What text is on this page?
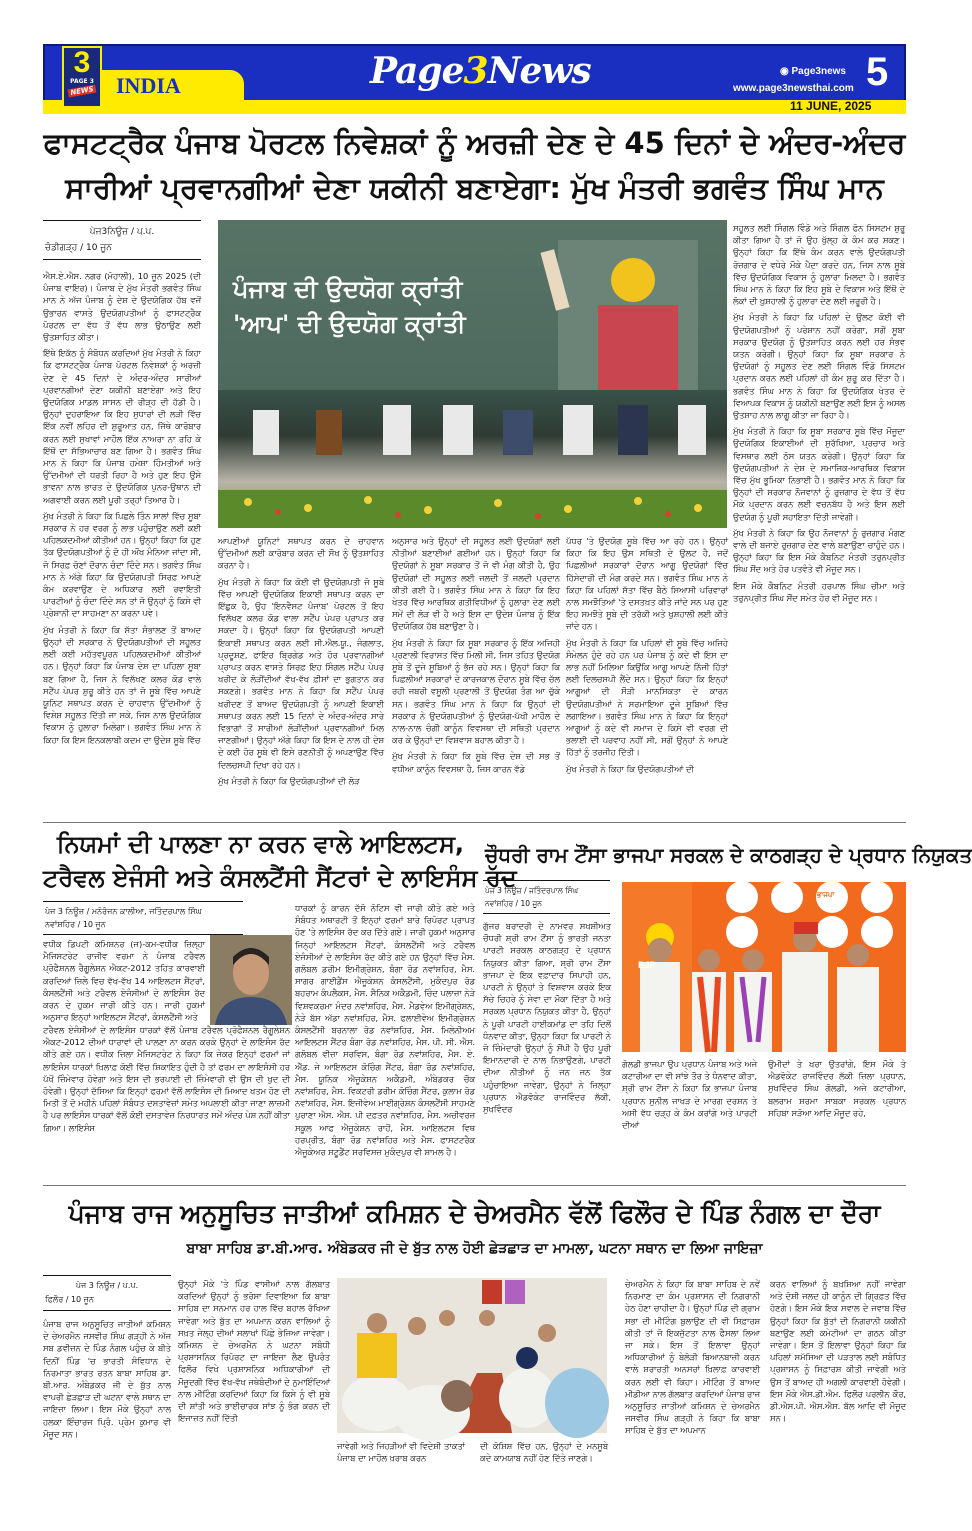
3
PAGE 3
NEWS INDIA	Page3News	◉ Page3news
www.page3newsthai.com 5
11 JUNE, 2025
ਫਾਸਟਟ੍ਰੈਕ ਪੰਜਾਬ ਪੋਰਟਲ ਨਿਵੇਸ਼ਕਾਂ ਨੂੰ ਅਰਜ਼ੀ ਦੇਣ ਦੇ 45 ਦਿਨਾਂ ਦੇ ਅੰਦਰ-ਅੰਦਰ
ਸਾਰੀਆਂ ਪ੍ਰਵਾਨਗੀਆਂ ਦੇਣਾ ਯਕੀਨੀ ਬਣਾਏਗਾ: ਮੁੱਖ ਮੰਤਰੀ ਭਗਵੰਤ ਸਿੰਘ ਮਾਨ
ਪੇਜ3ਨਿਊਜ਼ / ਪ.ਪ.
ਚੰਡੀਗੜ੍ਹ / 10 ਜੂਨ

ਐਸ.ਏ.ਐਸ. ਨਗਰ (ਮੋਹਾਲੀ), 10 ਜੂਨ 2025 (ਦੀ ਪੰਜਾਬ ਵਾਇਰ)। ਪੰਜਾਬ ਦੇ ਮੁੱਖ ਮੰਤਰੀ ਭਗਵੰਤ ਸਿੰਘ ਮਾਨ ਨੇ ਅੱਜ ਪੰਜਾਬ ਨੂੰ ਦੇਸ਼ ਦੇ ਉਦਯੋਗਿਕ ਹੱਬ ਵਜੋਂ ਉਭਾਰਨ ਵਾਸਤੇ ਉਦਯੋਗਪਤੀਆਂ ਨੂੰ ਫਾਸਟਟ੍ਰੈਕ ਪੋਰਟਲ ਦਾ ਵੱਧ ਤੋਂ ਵੱਧ ਲਾਭ ਉਠਾਉਣ ਲਈ ਉਤਸ਼ਾਹਿਤ ਕੀਤਾ।

ਇੱਥੇ ਇਕੱਠ ਨੂੰ ਸੰਬੋਧਨ ਕਰਦਿਆਂ ਮੁੱਖ ਮੰਤਰੀ ਨੇ ਕਿਹਾ ਕਿ ਫਾਸਟਟ੍ਰੈਕ ਪੰਜਾਬ ਪੋਰਟਲ ਨਿਵੇਸ਼ਕਾਂ ਨੂੰ ਅਰਜ਼ੀ ਦੇਣ ਦੇ 45 ਦਿਨਾਂ ਦੇ ਅੰਦਰ-ਅੰਦਰ ਸਾਰੀਆਂ ਪ੍ਰਵਾਨਗੀਆਂ ਦੇਣਾ ਯਕੀਨੀ ਬਣਾਏਗਾ ਅਤੇ ਇਹ ਉਦਯੋਗਿਕ ਮਾਡਲ ਸ਼ਾਸਨ ਦੀ ਰੀੜ੍ਹ ਦੀ ਹੱਡੀ ਹੈ। ਉਨ੍ਹਾਂ ਦੁਹਰਾਇਆ ਕਿ ਇਹ ਸੁਧਾਰਾਂ ਦੀ ਲੜੀ ਵਿੱਚ ਇੱਕ ਨਵੀਂ ਲਹਿਰ ਦੀ ਸ਼ੁਰੂਆਤ ਹਨ, ਜਿੱਥੇ ਕਾਰੋਬਾਰ ਕਰਨ ਲਈ ਸੁਖਾਵਾਂ ਮਾਹੌਲ ਇੱਕ ਨਾਅਰਾ ਨਾ ਰਹਿ ਕੇ ਇੱਥੋਂ ਦਾ ਸੱਭਿਆਚਾਰ ਬਣ ਗਿਆ ਹੈ। ਭਗਵੰਤ ਸਿੰਘ ਮਾਨ ਨੇ ਕਿਹਾ ਕਿ ਪੰਜਾਬ ਹਮੇਸ਼ਾ ਹਿੰਮਤੀਆਂ ਅਤੇ ਉੱਦਮੀਆਂ ਦੀ ਧਰਤੀ ਰਿਹਾ ਹੈ ਅਤੇ ਹੁਣ ਇਹ ਉਸੇ ਭਾਵਨਾ ਨਾਲ ਭਾਰਤ ਦੇ ਉਦਯੋਗਿਕ ਪੁਨਰ-ਉਥਾਨ ਦੀ ਅਗਵਾਈ ਕਰਨ ਲਈ ਪੂਰੀ ਤਰ੍ਹਾਂ ਤਿਆਰ ਹੈ।

ਮੁੱਖ ਮੰਤਰੀ ਨੇ ਕਿਹਾ ਕਿ ਪਿਛਲੇ ਤਿੰਨ ਸਾਲਾਂ ਵਿੱਚ ਸੂਬਾ ਸਰਕਾਰ ਨੇ ਹਰ ਵਰਗ ਨੂੰ ਲਾਭ ਪਹੁੰਚਾਉਣ ਲਈ ਕਈ ਪਹਿਲਕਦਮੀਆਂ ਕੀਤੀਆਂ ਹਨ। ਉਨ੍ਹਾਂ ਕਿਹਾ ਕਿ ਹੁਣ ਤੱਕ ਉਦਯੋਗਪਤੀਆਂ ਨੂੰ ਦੋ ਹੀ ਔਖ ਮੰਨਿਆ ਜਾਂਦਾ ਸੀ, ਜੋ ਸਿਰਫ਼ ਚੋਣਾਂ ਦੌਰਾਨ ਚੰਦਾ ਦਿੰਦੇ ਸਨ। ਭਗਵੰਤ ਸਿੰਘ ਮਾਨ ਨੇ ਅੱਗੇ ਕਿਹਾ ਕਿ ਉਦਯੋਗਪਤੀ ਸਿਰਫ਼ ਆਪਣੇ ਕੰਮ ਕਰਵਾਉਣ ਦੇ ਅਧਿਕਾਰ ਲਈ ਰਵਾਇਤੀ ਪਾਰਟੀਆਂ ਨੂੰ ਚੰਦਾ ਦਿੰਦੇ ਸਨ ਤਾਂ ਜੋ ਉਨ੍ਹਾਂ ਨੂੰ ਕਿਸੇ ਵੀ ਪ੍ਰੇਸ਼ਾਨੀ ਦਾ ਸਾਹਮਣਾ ਨਾ ਕਰਨਾ ਪਵੇ।

ਮੁੱਖ ਮੰਤਰੀ ਨੇ ਕਿਹਾ ਕਿ ਸੱਤਾ ਸੰਭਾਲਣ ਤੋਂ ਬਾਅਦ ਉਨ੍ਹਾਂ ਦੀ ਸਰਕਾਰ ਨੇ ਉਦਯੋਗਪਤੀਆਂ ਦੀ ਸਹੂਲਤ ਲਈ ਕਈ ਮਹੱਤਵਪੂਰਨ ਪਹਿਲਕਦਮੀਆਂ ਕੀਤੀਆਂ ਹਨ। ਉਨ੍ਹਾਂ ਕਿਹਾ ਕਿ ਪੰਜਾਬ ਦੇਸ਼ ਦਾ ਪਹਿਲਾ ਸੂਬਾ ਬਣ ਗਿਆ ਹੈ, ਜਿਸ ਨੇ ਵਿਲੱਖਣ ਕਲਰ ਕੋਡ ਵਾਲੇ ਸਟੈਂਪ ਪੇਪਰ ਸ਼ੁਰੂ ਕੀਤੇ ਹਨ ਤਾਂ ਜੋ ਸੂਬੇ ਵਿੱਚ ਆਪਣੇ ਯੂਨਿਟ ਸਥਾਪਤ ਕਰਨ ਦੇ ਚਾਹਵਾਨ ਉੱਦਮੀਆਂ ਨੂੰ ਵਿਸ਼ੇਸ਼ ਸਹੂਲਤ ਦਿੱਤੀ ਜਾ ਸਕੇ, ਜਿਸ ਨਾਲ ਉਦਯੋਗਿਕ ਵਿਕਾਸ ਨੂੰ ਹੁਲਾਰਾ ਮਿਲੇਗਾ। ਭਗਵੰਤ ਸਿੰਘ ਮਾਨ ਨੇ ਕਿਹਾ ਕਿ ਇਸ ਇਨਕਲਾਬੀ ਕਦਮ ਦਾ ਉਦੇਸ਼ ਸੂਬੇ ਵਿੱਚ

ਪੰਜਾਬ ਦੀ ਉਦਯੋਗ ਕ੍ਰਾਂਤੀ
'ਆਪ' ਦੀ ਉਦਯੋਗ ਕ੍ਰਾਂਤੀ

ਆਪਣੀਆਂ ਯੂਨਿਟਾਂ ਸਥਾਪਤ ਕਰਨ ਦੇ ਚਾਹਵਾਨ ਉੱਦਮੀਆਂ ਲਈ ਕਾਰੋਬਾਰ ਕਰਨ ਦੀ ਸੌਖ ਨੂੰ ਉਤਸ਼ਾਹਿਤ ਕਰਨਾ ਹੈ।

ਮੁੱਖ ਮੰਤਰੀ ਨੇ ਕਿਹਾ ਕਿ ਕੋਈ ਵੀ ਉਦਯੋਗਪਤੀ ਜੋ ਸੂਬੇ ਵਿੱਚ ਆਪਣੀ ਉਦਯੋਗਿਕ ਇਕਾਈ ਸਥਾਪਤ ਕਰਨ ਦਾ ਇੱਛੁਕ ਹੈ, ਉਹ 'ਇਨਵੈਸਟ ਪੰਜਾਬ' ਪੋਰਟਲ ਤੋਂ ਇਹ ਵਿਲੱਖਣ ਕਲਰ ਕੋਡ ਵਾਲਾ ਸਟੈਂਪ ਪੇਪਰ ਪ੍ਰਾਪਤ ਕਰ ਸਕਦਾ ਹੈ। ਉਨ੍ਹਾਂ ਕਿਹਾ ਕਿ ਉਦਯੋਗਪਤੀ ਆਪਣੀ ਇਕਾਈ ਸਥਾਪਤ ਕਰਨ ਲਈ ਸੀ.ਐਲ.ਯੂ., ਜੰਗਲਾਤ, ਪ੍ਰਦੂਸ਼ਣ, ਫਾਇਰ ਬ੍ਰਿਗੇਡ ਅਤੇ ਹੋਰ ਪ੍ਰਵਾਨਗੀਆਂ ਪ੍ਰਾਪਤ ਕਰਨ ਵਾਸਤੇ ਸਿਰਫ਼ ਇਹ ਸਿੰਗਲ ਸਟੈਂਪ ਪੇਪਰ ਖਰੀਦ ਕੇ ਲੋੜੀਂਦੀਆਂ ਵੱਖ-ਵੱਖ ਫ਼ੀਸਾਂ ਦਾ ਭੁਗਤਾਨ ਕਰ ਸਕਣਗੇ। ਭਗਵੰਤ ਮਾਨ ਨੇ ਕਿਹਾ ਕਿ ਸਟੈਂਪ ਪੇਪਰ ਖਰੀਦਣ ਤੋਂ ਬਾਅਦ ਉਦਯੋਗਪਤੀ ਨੂੰ ਆਪਣੀ ਇਕਾਈ ਸਥਾਪਤ ਕਰਨ ਲਈ 15 ਦਿਨਾਂ ਦੇ ਅੰਦਰ-ਅੰਦਰ ਸਾਰੇ ਵਿਭਾਗਾਂ ਤੋਂ ਸਾਰੀਆਂ ਲੋੜੀਂਦੀਆਂ ਪ੍ਰਵਾਨਗੀਆਂ ਮਿਲ ਜਾਣਗੀਆਂ। ਉਨ੍ਹਾਂ ਅੱਗੇ ਕਿਹਾ ਕਿ ਇਸ ਦੇ ਨਾਲ ਹੀ ਦੇਸ਼ ਦੇ ਕਈ ਹੋਰ ਸੂਬੇ ਵੀ ਇਸੇ ਰਣਨੀਤੀ ਨੂੰ ਅਪਣਾਉਣ ਵਿੱਚ ਦਿਲਚਸਪੀ ਦਿਖਾ ਰਹੇ ਹਨ।

ਮੁੱਖ ਮੰਤਰੀ ਨੇ ਕਿਹਾ ਕਿ ਉਦਯੋਗਪਤੀਆਂ ਦੀ ਲੋੜ

ਅਨੁਸਾਰ ਅਤੇ ਉਨ੍ਹਾਂ ਦੀ ਸਹੂਲਤ ਲਈ ਉਦਯੋਗਾਂ ਲਈ ਨੀਤੀਆਂ ਬਣਾਈਆਂ ਗਈਆਂ ਹਨ। ਉਨ੍ਹਾਂ ਕਿਹਾ ਕਿ ਉਦਯੋਗਾਂ ਨੇ ਸੂਬਾ ਸਰਕਾਰ ਤੋਂ ਜੋ ਵੀ ਮੰਗ ਕੀਤੀ ਹੈ, ਉਹ ਉਦਯੋਗਾਂ ਦੀ ਸਹੂਲਤ ਲਈ ਜਲਦੀ ਤੋਂ ਜਲਦੀ ਪ੍ਰਦਾਨ ਕੀਤੀ ਗਈ ਹੈ। ਭਗਵੰਤ ਸਿੰਘ ਮਾਨ ਨੇ ਕਿਹਾ ਕਿ ਇਹ ਖੇਤਰ ਵਿੱਚ ਆਰਥਿਕ ਗਤੀਵਿਧੀਆਂ ਨੂੰ ਹੁਲਾਰਾ ਦੇਣ ਲਈ ਸਮੇਂ ਦੀ ਲੋੜ ਵੀ ਹੈ ਅਤੇ ਇਸ ਦਾ ਉਦੇਸ਼ ਪੰਜਾਬ ਨੂੰ ਇੱਕ ਉਦਯੋਗਿਕ ਹੱਬ ਬਣਾਉਣਾ ਹੈ।

ਮੁੱਖ ਮੰਤਰੀ ਨੇ ਕਿਹਾ ਕਿ ਸੂਬਾ ਸਰਕਾਰ ਨੂੰ ਇੱਕ ਅਜਿਹੀ ਪ੍ਰਣਾਲੀ ਵਿਰਾਸਤ ਵਿੱਚ ਮਿਲੀ ਸੀ, ਜਿਸ ਤਹਿਤ ਉਦਯੋਗ ਸੂਬੇ ਤੋਂ ਦੂਜੇ ਸੂਬਿਆਂ ਨੂੰ ਭੱਜ ਰਹੇ ਸਨ। ਉਨ੍ਹਾਂ ਕਿਹਾ ਕਿ ਪਿਛਲੀਆਂ ਸਰਕਾਰਾਂ ਦੇ ਕਾਰਜਕਾਲ ਦੌਰਾਨ ਸੂਬੇ ਵਿੱਚ ਚੱਲ ਰਹੀ ਜਬਰੀ ਵਸੂਲੀ ਪ੍ਰਣਾਲੀ ਤੋਂ ਉਦਯੋਗ ਤੰਗ ਆ ਚੁੱਕੇ ਸਨ। ਭਗਵੰਤ ਸਿੰਘ ਮਾਨ ਨੇ ਕਿਹਾ ਕਿ ਉਨ੍ਹਾਂ ਦੀ ਸਰਕਾਰ ਨੇ ਉਦਯੋਗਪਤੀਆਂ ਨੂੰ ਉਦਯੋਗ-ਪੱਖੀ ਮਾਹੌਲ ਦੇ ਨਾਲ-ਨਾਲ ਚੰਗੀ ਕਾਨੂੰਨ ਵਿਵਸਥਾ ਦੀ ਸਥਿਤੀ ਪ੍ਰਦਾਨ ਕਰ ਕੇ ਉਨ੍ਹਾਂ ਦਾ ਵਿਸ਼ਵਾਸ ਬਹਾਲ ਕੀਤਾ ਹੈ।

ਮੁੱਖ ਮੰਤਰੀ ਨੇ ਕਿਹਾ ਕਿ ਸੂਬੇ ਵਿੱਚ ਦੇਸ਼ ਦੀ ਸਭ ਤੋਂ ਵਧੀਆ ਕਾਨੂੰਨ ਵਿਵਸਥਾ ਹੈ, ਜਿਸ ਕਾਰਨ ਵੱਡੇ

ਪੱਧਰ 'ਤੇ ਉਦਯੋਗ ਸੂਬੇ ਵਿੱਚ ਆ ਰਹੇ ਹਨ। ਉਨ੍ਹਾਂ ਕਿਹਾ ਕਿ ਇਹ ਉਸ ਸਥਿਤੀ ਦੇ ਉਲਟ ਹੈ, ਜਦੋਂ ਪਿਛਲੀਆਂ ਸਰਕਾਰਾਂ ਦੌਰਾਨ ਆਗੂ ਉਦਯੋਗਾਂ ਵਿੱਚ ਹਿੱਸੇਦਾਰੀ ਦੀ ਮੰਗ ਕਰਦੇ ਸਨ। ਭਗਵੰਤ ਸਿੰਘ ਮਾਨ ਨੇ ਕਿਹਾ ਕਿ ਪਹਿਲਾਂ ਸੱਤਾ ਵਿੱਚ ਬੈਠੇ ਸਿਆਸੀ ਪਰਿਵਾਰਾਂ ਨਾਲ ਸਮਝੌਤਿਆਂ 'ਤੇ ਦਸਤਖ਼ਤ ਕੀਤੇ ਜਾਂਦੇ ਸਨ ਪਰ ਹੁਣ ਇਹ ਸਮਝੌਤੇ ਸੂਬੇ ਦੀ ਤਰੱਕੀ ਅਤੇ ਖੁਸ਼ਹਾਲੀ ਲਈ ਕੀਤੇ ਜਾਂਦੇ ਹਨ।

ਮੁੱਖ ਮੰਤਰੀ ਨੇ ਕਿਹਾ ਕਿ ਪਹਿਲਾਂ ਵੀ ਸੂਬੇ ਵਿੱਚ ਅਜਿਹੇ ਸੰਮੇਲਨ ਹੁੰਦੇ ਰਹੇ ਹਨ ਪਰ ਪੰਜਾਬ ਨੂੰ ਕਦੇ ਵੀ ਇਸ ਦਾ ਲਾਭ ਨਹੀਂ ਮਿਲਿਆ ਕਿਉਂਕਿ ਆਗੂ ਆਪਣੇ ਨਿੱਜੀ ਹਿੱਤਾਂ ਲਈ ਦਿਲਚਸਪੀ ਲੈਂਦੇ ਸਨ। ਉਨ੍ਹਾਂ ਕਿਹਾ ਕਿ ਇਨ੍ਹਾਂ ਆਗੂਆਂ ਦੀ ਸੌੜੀ ਮਾਨਸਿਕਤਾ ਦੇ ਕਾਰਨ ਉਦਯੋਗਪਤੀਆਂ ਨੇ ਸਰਮਾਇਆ ਦੂਜੇ ਸੂਬਿਆਂ ਵਿੱਚ ਲਗਾਇਆ। ਭਗਵੰਤ ਸਿੰਘ ਮਾਨ ਨੇ ਕਿਹਾ ਕਿ ਇਨ੍ਹਾਂ ਆਗੂਆਂ ਨੂੰ ਕਦੇ ਵੀ ਸਮਾਜ ਦੇ ਕਿਸੇ ਵੀ ਵਰਗ ਦੀ ਭਲਾਈ ਦੀ ਪਰਵਾਹ ਨਹੀਂ ਸੀ, ਸਗੋਂ ਉਨ੍ਹਾਂ ਨੇ ਆਪਣੇ ਹਿੱਤਾਂ ਨੂੰ ਤਰਜੀਹ ਦਿੱਤੀ।

ਮੁੱਖ ਮੰਤਰੀ ਨੇ ਕਿਹਾ ਕਿ ਉਦਯੋਗਪਤੀਆਂ ਦੀ

ਸਹੂਲਤ ਲਈ ਸਿੰਗਲ ਵਿੰਡੋ ਅਤੇ ਸਿੰਗਲ ਫੋਨ ਸਿਸਟਮ ਸ਼ੁਰੂ ਕੀਤਾ ਗਿਆ ਹੈ ਤਾਂ ਜੋ ਉਹ ਖੁੱਲ੍ਹ ਕੇ ਕੰਮ ਕਰ ਸਕਣ। ਉਨ੍ਹਾਂ ਕਿਹਾ ਕਿ ਇੱਥੇ ਕੰਮ ਕਰਨ ਵਾਲੇ ਉਦਯੋਗਪਤੀ ਰੋਜ਼ਗਾਰ ਦੇ ਵਧੇਰੇ ਮੌਕੇ ਪੈਦਾ ਕਰਦੇ ਹਨ, ਜਿਸ ਨਾਲ ਸੂਬੇ ਵਿੱਚ ਉਦਯੋਗਿਕ ਵਿਕਾਸ ਨੂੰ ਹੁਲਾਰਾ ਮਿਲਦਾ ਹੈ। ਭਗਵੰਤ ਸਿੰਘ ਮਾਨ ਨੇ ਕਿਹਾ ਕਿ ਇਹ ਸੂਬੇ ਦੇ ਵਿਕਾਸ ਅਤੇ ਇੱਥੋਂ ਦੇ ਲੋਕਾਂ ਦੀ ਖ਼ੁਸ਼ਹਾਲੀ ਨੂੰ ਹੁਲਾਰਾ ਦੇਣ ਲਈ ਜ਼ਰੂਰੀ ਹੈ।

ਮੁੱਖ ਮੰਤਰੀ ਨੇ ਕਿਹਾ ਕਿ ਪਹਿਲਾਂ ਦੇ ਉਲਟ ਕੋਈ ਵੀ ਉਦਯੋਗਪਤੀਆਂ ਨੂੰ ਪਰੇਸ਼ਾਨ ਨਹੀਂ ਕਰੇਗਾ, ਸਗੋਂ ਸੂਬਾ ਸਰਕਾਰ ਉਦਯੋਗ ਨੂੰ ਉਤਸ਼ਾਹਿਤ ਕਰਨ ਲਈ ਹਰ ਸੰਭਵ ਯਤਨ ਕਰੇਗੀ। ਉਨ੍ਹਾਂ ਕਿਹਾ ਕਿ ਸੂਬਾ ਸਰਕਾਰ ਨੇ ਉਦਯੋਗਾਂ ਨੂੰ ਸਹੂਲਤ ਦੇਣ ਲਈ ਸਿੰਗਲ ਵਿੰਡੋ ਸਿਸਟਮ ਪ੍ਰਦਾਨ ਕਰਨ ਲਈ ਪਹਿਲਾਂ ਹੀ ਕੰਮ ਸ਼ੁਰੂ ਕਰ ਦਿੱਤਾ ਹੈ। ਭਗਵੰਤ ਸਿੰਘ ਮਾਨ ਨੇ ਕਿਹਾ ਕਿ ਉਦਯੋਗਿਕ ਖੇਤਰ ਦੇ ਵਿਆਪਕ ਵਿਕਾਸ ਨੂੰ ਯਕੀਨੀ ਬਣਾਉਣ ਲਈ ਇਸ ਨੂੰ ਅਸਲ ਉਤਸ਼ਾਹ ਨਾਲ ਲਾਗੂ ਕੀਤਾ ਜਾ ਰਿਹਾ ਹੈ।

ਮੁੱਖ ਮੰਤਰੀ ਨੇ ਕਿਹਾ ਕਿ ਸੂਬਾ ਸਰਕਾਰ ਸੂਬੇ ਵਿੱਚ ਮੌਜੂਦਾ ਉਦਯੋਗਿਕ ਇਕਾਈਆਂ ਦੀ ਸੁਰੱਖਿਆ, ਪ੍ਰਚਾਰ ਅਤੇ ਵਿਸਥਾਰ ਲਈ ਠੋਸ ਯਤਨ ਕਰੇਗੀ। ਉਨ੍ਹਾਂ ਕਿਹਾ ਕਿ ਉਦਯੋਗਪਤੀਆਂ ਨੇ ਦੇਸ਼ ਦੇ ਸਮਾਜਿਕ-ਆਰਥਿਕ ਵਿਕਾਸ ਵਿੱਚ ਮੁੱਖ ਭੂਮਿਕਾ ਨਿਭਾਈ ਹੈ। ਭਗਵੰਤ ਮਾਨ ਨੇ ਕਿਹਾ ਕਿ ਉਨ੍ਹਾਂ ਦੀ ਸਰਕਾਰ ਨੌਜਵਾਨਾਂ ਨੂੰ ਰੁਜ਼ਗਾਰ ਦੇ ਵੱਧ ਤੋਂ ਵੱਧ ਮੌਕੇ ਪ੍ਰਦਾਨ ਕਰਨ ਲਈ ਵਚਨਬੱਧ ਹੈ ਅਤੇ ਇਸ ਲਈ ਉਦਯੋਗ ਨੂੰ ਪੂਰੀ ਸਹਾਇਤਾ ਦਿੱਤੀ ਜਾਵੇਗੀ।

ਮੁੱਖ ਮੰਤਰੀ ਨੇ ਕਿਹਾ ਕਿ ਉਹ ਨੌਜਵਾਨਾਂ ਨੂੰ ਰੁਜ਼ਗਾਰ ਮੰਗਣ ਵਾਲੇ ਦੀ ਬਜਾਏ ਰੁਜ਼ਗਾਰ ਦੇਣ ਵਾਲੇ ਬਣਾਉਣਾ ਚਾਹੁੰਦੇ ਹਨ। ਉਨ੍ਹਾਂ ਕਿਹਾ ਕਿ ਇਸ ਮੌਕੇ ਕੈਬਨਿਟ ਮੰਤਰੀ ਤਰੁਨਪ੍ਰੀਤ ਸਿੰਘ ਸੌਂਦ ਅਤੇ ਹੋਰ ਪਤਵੰਤੇ ਵੀ ਮੌਜੂਦ ਸਨ।

ਇਸ ਮੌਕੇ ਕੈਬਨਿਟ ਮੰਤਰੀ ਹਰਪਾਲ ਸਿੰਘ ਚੀਮਾ ਅਤੇ ਤਰੁਨਪ੍ਰੀਤ ਸਿੰਘ ਸੌਂਦ ਸਮੇਤ ਹੋਰ ਵੀ ਮੌਜੂਦ ਸਨ।

ਨਿਯਮਾਂ ਦੀ ਪਾਲਣਾ ਨਾ ਕਰਨ ਵਾਲੇ ਆਇਲਟਸ,
ਟਰੈਵਲ ਏਜੰਸੀ ਅਤੇ ਕੰਸਲਟੈਂਸੀ ਸੈਂਟਰਾਂ ਦੇ ਲਾਇਸੰਸ ਰੱਦ
ਪੇਜ 3 ਨਿਊਜ਼ / ਮਨੋਰੰਜਨ ਕਾਲੀਆ, ਜਤਿੰਦਰਪਾਲ ਸਿੰਘ
ਨਵਾਂਸ਼ਹਿਰ / 10 ਜੂਨ
ਵਧੀਕ ਡਿਪਟੀ ਕਮਿਸ਼ਨਰ (ਜ)-ਕਮ-ਵਧੀਕ ਜ਼ਿਲ੍ਹਾ ਮੈਜਿਸਟਰੇਟ ਰਾਜੀਵ ਵਰਮਾ ਨੇ ਪੰਜਾਬ ਟਰੈਵਲ ਪ੍ਰੋਫੈਸ਼ਨਲ ਰੈਗੂਲੇਸ਼ਨ ਐਕਟ-2012 ਤਹਿਤ ਕਾਰਵਾਈ ਕਰਦਿਆਂ ਜ਼ਿਲੇ ਵਿਚ ਵੱਖ-ਵੱਖ 14 ਆਇਲਟਸ ਸੈਂਟਰਾਂ, ਕੰਸਲਟੈਂਸੀ ਅਤੇ ਟਰੈਵਲ ਏਜੰਸੀਆਂ ਦੇ ਲਾਇਸੰਸ ਰੱਦ ਕਰਨ ਦੇ ਹੁਕਮ ਜਾਰੀ ਕੀਤੇ ਹਨ। ਜਾਰੀ ਹੁਕਮਾਂ ਅਨੁਸਾਰ ਇਨ੍ਹਾਂ ਆਇਲਟਸ ਸੈਂਟਰਾਂ, ਕੰਸਲਟੈਂਸੀ ਅਤੇ
ਟਰੈਵਲ ਏਜੰਸੀਆਂ ਦੇ ਲਾਇਸੰਸ ਧਾਰਕਾਂ ਵੱਲੋਂ ਪੰਜਾਬ ਟਰੈਵਲ ਪ੍ਰੋਫੈਸ਼ਨਲ ਰੈਗੂਲੇਸ਼ਨ ਐਕਟ-2012 ਦੀਆਂ ਧਾਰਾਵਾਂ ਦੀ ਪਾਲਣਾ ਨਾ ਕਰਨ ਕਰਕੇ ਉਨ੍ਹਾਂ ਦੇ ਲਾਇਸੰਸ ਰੱਦ ਕੀਤੇ ਗਏ ਹਨ। ਵਧੀਕ ਜ਼ਿਲਾ ਮੈਜਿਸਟਰੇਟ ਨੇ ਕਿਹਾ ਕਿ ਜੇਕਰ ਇਨ੍ਹਾਂ ਫਰਮਾਂ ਜਾਂ ਲਾਇਸੰਸ ਧਾਰਕਾਂ ਖ਼ਿਲਾਫ਼ ਕੋਈ ਵਿੱਚ ਸ਼ਿਕਾਇਤ ਹੁੰਦੀ ਹੈ ਤਾਂ ਫਰਮ ਦਾ ਲਾਇਸੰਸੀ ਹਰ ਪੱਖੋਂ ਜ਼ਿੰਮੇਵਾਰ ਹੋਵੇਗਾ ਅਤੇ ਇਸ ਦੀ ਭਰਪਾਈ ਦੀ ਜ਼ਿੰਮੇਵਾਰੀ ਵੀ ਉਸ ਦੀ ਖੁਦ ਦੀ ਹੋਵੇਗੀ। ਉਨ੍ਹਾਂ ਦੱਸਿਆ ਕਿ ਇਨ੍ਹਾਂ ਫਰਮਾਂ ਵੱਲੋਂ ਲਾਇਸੰਸ ਦੀ ਮਿਆਦ ਖਤਮ ਹੋਣ ਦੀ ਮਿਤੀ ਤੋਂ ਦੋ ਮਹੀਨੇ ਪਹਿਲਾਂ ਸੰਬੰਧਤ ਦਸਤਾਵੇਜ਼ਾਂ ਸਮੇਤ ਅਪਲਾਈ ਕੀਤਾ ਜਾਣਾ ਲਾਜ਼ਮੀ ਹੈ ਪਰ ਲਾਇਸੰਸ ਧਾਰਕਾਂ ਵੱਲੋਂ ਕੋਈ ਦਸਤਾਵੇਜ਼ ਨਿਰਧਾਰਤ ਸਮੇਂ ਅੰਦਰ ਪੇਸ਼ ਨਹੀਂ ਕੀਤਾ ਗਿਆ। ਲਾਇਸੰਸ
ਧਾਰਕਾਂ ਨੂੰ ਕਾਰਨ ਦੱਸੋ ਨੋਟਿਸ ਵੀ ਜਾਰੀ ਕੀਤੇ ਗਏ ਅਤੇ ਸੰਬੰਧਤ ਅਥਾਰਟੀ ਤੋਂ ਇਨ੍ਹਾਂ ਫਰਮਾਂ ਬਾਰੇ ਰਿਪੋਰਟ ਪ੍ਰਾਪਤ ਹੋਣ 'ਤੇ ਲਾਇਸੰਸ ਰੱਦ ਕਰ ਦਿੱਤੇ ਗਏ। ਜਾਰੀ ਹੁਕਮਾਂ ਅਨੁਸਾਰ ਜਿਨ੍ਹਾਂ ਆਇਲਟਸ ਸੈਂਟਰਾਂ, ਕੰਸਲਟੈਂਸੀ ਅਤੇ ਟਰੈਵਲ ਏਜੰਸੀਆਂ ਦੇ ਲਾਇਸੰਸ ਰੱਦ ਕੀਤੇ ਗਏ ਹਨ ਉਨ੍ਹਾਂ ਵਿੱਚ ਮੈਸ. ਗਲੋਬਲ ਡਰੀਮ ਇਮੀਗ੍ਰੇਸ਼ਨ, ਬੰਗਾ ਰੋਡ ਨਵਾਂਸ਼ਹਿਰ, ਮੈਸ. ਸਾਗਰ ਗਾਈਡੈਂਸ ਐਜੂਕੇਸ਼ਨ ਕੰਸਲਟੈਂਸੀ, ਮੁਕੰਦਪੁਰ ਰੋਡ ਬਹਰਾਮ ਕੰਪਲੈਕਸ, ਮੈਸ. ਸੈਨਿਕ ਅਕੈਡਮੀ, ਚਿੰਦ ਪਲਾਜ਼ਾ ਨੇੜੇ ਵਿਸ਼ਵਕਰਮਾ ਮੰਦਰ ਨਵਾਂਸ਼ਹਿਰ, ਮੈਸ. ਮੈਡਵੇਅ ਇਮੀਗ੍ਰੇਸ਼ਨ, ਨੇੜੇ ਬੱਸ ਅੱਡਾ ਨਵਾਂਸ਼ਹਿਰ, ਮੈਸ. ਫਲਾਈਵੇਅ ਇਮੀਗ੍ਰੇਸ਼ਨ ਕੰਸਲਟੈਂਸੀ ਬਰਨਾਲਾ ਰੋਡ ਨਵਾਂਸ਼ਹਿਰ, ਮੈਸ. ਮਿਲੇਨੀਅਮ ਆਇਲਟਸ ਸੈਂਟਰ ਬੰਗਾ ਰੋਡ ਨਵਾਂਸ਼ਹਿਰ, ਮੈਸ. ਪੀ. ਸੀ. ਐਸ. ਗਲੋਬਲ ਵੀਜ਼ਾ ਸਰਵਿਸ, ਬੰਗਾ ਰੋਡ ਨਵਾਂਸ਼ਹਿਰ, ਮੈਸ. ਏ. ਐੱਡ. ਜੇ ਆਇਲਟਸ ਕੋਚਿੰਗ ਸੈਂਟਰ, ਬੰਗਾ ਰੋਡ ਨਵਾਂਸ਼ਹਿਰ, ਮੈਸ. ਯੂਨਿਕ ਐਜੂਕੇਸ਼ਨ ਅਕੈਡਮੀ, ਅੰਬੇਡਕਰ ਚੌਕ ਨਵਾਂਸ਼ਹਿਰ, ਮੈਸ. ਵਿਕਟਰੀ ਡਰੀਮ ਕੋਚਿੰਗ ਸੈਂਟਰ, ਕੁਲਾਮ ਰੋਡ ਨਵਾਂਸ਼ਹਿਰ, ਮੈਸ. ਇਜੀਵੇਅ ਮਾਈਗ੍ਰੇਸ਼ਨ ਕੰਸਲਟੈਂਸੀ ਸਾਹਮਣੇ ਪੁਰਾਣਾ ਐਸ. ਐਸ. ਪੀ ਦਫ਼ਤਰ ਨਵਾਂਸ਼ਹਿਰ, ਮੈਸ. ਅਚੀਵਰਜ਼ ਸਕੂਲ ਆਫ ਐਜੂਕੇਸ਼ਨ ਰਾਹੋਂ, ਮੈਸ. ਆਇਲਟਸ ਵਿਥ ਹਰਪ੍ਰੀਤ, ਬੰਗਾ ਰੋਡ ਨਵਾਂਸ਼ਹਿਰ ਅਤੇ ਮੈਸ. ਫਾਸਟਟਰੈਕ ਐਜੂਕੇਅਰ ਸਟੂਡੈਂਟ ਸਰਵਿਸਜ਼ ਮੁਕੰਦਪੁਰ ਵੀ ਸ਼ਾਮਲ ਹੈ।
ਚੌਧਰੀ ਰਾਮ ਟੌਂਸਾ ਭਾਜਪਾ ਸਰਕਲ ਦੇ ਕਾਠਗੜ੍ਹ ਦੇ ਪ੍ਰਧਾਨ ਨਿਯੁਕਤ
ਪੇਜ 3 ਨਿਊਜ਼ / ਜਤਿੰਦਰਪਾਲ ਸਿੰਘ
ਨਵਾਂਸ਼ਹਿਰ / 10 ਜੂਨ
ਗੁੱਜਰ ਬਰਾਦਰੀ ਦੇ ਨਾਮਵਰ ਸਖਸ਼ੀਅਤ ਚੌਧਰੀ ਸ਼੍ਰੀ ਰਾਮ ਟੌਂਸਾ ਨੂੰ ਭਾਰਤੀ ਜਨਤਾ ਪਾਰਟੀ ਸਰਕਲ ਕਾਠਗੜ੍ਹ ਦੇ ਪ੍ਰਧਾਨ ਨਿਯੁਕਤ ਕੀਤਾ ਗਿਆ, ਸ਼੍ਰੀ ਰਾਮ ਟੌਂਸਾ ਭਾਜਪਾ ਦੇ ਇਕ ਵਫ਼ਾਦਾਰ ਸਿਪਾਹੀ ਹਨ, ਪਾਰਟੀ ਨੇ ਉਨ੍ਹਾਂ ਤੇ ਵਿਸ਼ਵਾਸ ਕਰਕੇ ਇਕ ਸੱਚੇ ਚਿਹਰੇ ਨੂੰ ਸੇਵਾ ਦਾ ਮੌਕਾ ਦਿੱਤਾ ਹੈ ਅਤੇ ਸਰਕਲ ਪ੍ਰਧਾਨ ਨਿਯੁਕਤ ਕੀਤਾ ਹੈ, ਉਨ੍ਹਾਂ ਨੇ ਪੂਰੀ ਪਾਰਟੀ ਹਾਈਕਮਾਂਡ ਦਾ ਤਹਿ ਦਿਲੋਂ ਧੰਨਵਾਦ ਕੀਤਾ, ਉਨ੍ਹਾ ਕਿਹਾ ਕਿ ਪਾਰਟੀ ਨੇ ਜੋ ਜ਼ਿੰਮੇਦਾਰੀ ਉਨ੍ਹਾਂ ਨੂੰ ਸੌਂਪੀ ਹੈ ਉਹ ਪੂਰੀ ਇਮਾਨਦਾਰੀ ਦੇ ਨਾਲ ਨਿਭਾਉਣਗੇ, ਪਾਰਟੀ ਦੀਆ ਨੀਤੀਆਂ ਨੂੰ ਜਨ ਜਨ ਤੱਕ ਪਹੁੰਚਾਇਆ ਜਾਵੇਗਾ, ਉਨ੍ਹਾਂ ਨੇ ਜ਼ਿਲ੍ਹਾ ਪ੍ਰਧਾਨ ਐਡਵੋਕੇਟ ਰਾਜਵਿੰਦਰ ਲੱਕੀ, ਸੁਖਵਿੰਦਰ
BJP
ਭਾਜਪਾ
ਗੋਲਡੀ ਭਾਜਪਾ ਉਪ ਪ੍ਰਧਾਨ ਪੰਜਾਬ ਅਤੇ ਅਜੇ ਕਟਾਰੀਆ ਦਾ ਵੀ ਸਾਂਝੇ ਤੌਰ ਤੇ ਧੰਨਵਾਦ ਕੀਤਾ, ਸ਼੍ਰੀ ਰਾਮ ਟੌਂਸਾ ਨੇ ਕਿਹਾ ਕਿ ਭਾਜਪਾ ਪੰਜਾਬ ਪ੍ਰਧਾਨ ਸੁਨੀਲ ਜਾਖੜ ਦੇ ਮਾਰਗ ਦਰਸ਼ਨ ਤੇ ਅਸੀ ਵੱਧ ਚੜ੍ਹ ਕੇ ਕੰਮ ਕਰਾਂਗੇ ਅਤੇ ਪਾਰਟੀ ਦੀਆਂ
ਉਮੀਦਾਂ ਤੇ ਖਰਾ ਉਤਰਾਂਗੇ, ਇਸ ਮੌਕੇ ਤੇ ਐਡਵੋਕੇਟ ਰਾਜਵਿੰਦਰ ਲੱਕੀ ਜ਼ਿਲਾ ਪ੍ਰਧਾਨ, ਸੁਖਵਿੰਦਰ ਸਿੰਘ ਗੋਲਡੀ, ਅਜੇ ਕਟਾਰੀਆ, ਬਲਰਾਮ ਸ਼ਰਮਾ ਸਾਬਕਾ ਸਰਕਲ ਪ੍ਰਧਾਨ ਸਹਿਬਾ ਸੜੋਆ ਆਦਿ ਮੌਜੂਦ ਰਹੇ,
ਪੰਜਾਬ ਰਾਜ ਅਨੁਸੂਚਿਤ ਜਾਤੀਆਂ ਕਮਿਸ਼ਨ ਦੇ ਚੇਅਰਮੈਨ ਵੱਲੋਂ ਫਿਲੌਰ ਦੇ ਪਿੰਡ ਨੰਗਲ ਦਾ ਦੌਰਾ
ਬਾਬਾ ਸਾਹਿਬ ਡਾ.ਬੀ.ਆਰ. ਅੰਬੇਡਕਰ ਜੀ ਦੇ ਬੁੱਤ ਨਾਲ ਹੋਈ ਛੇੜਛਾੜ ਦਾ ਮਾਮਲਾ, ਘਟਨਾ ਸਥਾਨ ਦਾ ਲਿਆ ਜਾਇਜ਼ਾ
ਪੇਜ 3 ਨਿਊਜ਼ / ਪ.ਪ.
ਫਿਲੌਰ / 10 ਜੂਨ
ਪੰਜਾਬ ਰਾਜ ਅਨੁਸੂਚਿਤ ਜਾਤੀਆਂ ਕਮਿਸ਼ਨ ਦੇ ਚੇਅਰਮੈਨ ਜਸਵੀਰ ਸਿੰਘ ਗੜ੍ਹੀ ਨੇ ਅੱਜ ਸਬ ਡਵੀਜ਼ਨ ਦੇ ਪਿੰਡ ਨੰਗਲ ਪਹੁੰਚ ਕੇ ਬੀਤੇ ਦਿਨੀਂ ਪਿੰਡ 'ਚ ਭਾਰਤੀ ਸੰਵਿਧਾਨ ਦੇ ਨਿਰਮਾਤਾ ਭਾਰਤ ਰਤਨ ਬਾਬਾ ਸਾਹਿਬ ਡਾ. ਬੀ.ਆਰ. ਅੰਬੇਡਕਰ ਜੀ ਦੇ ਬੁੱਤ ਨਾਲ ਵਾਪਰੀ ਛੇੜਛਾੜ ਦੀ ਘਟਨਾ ਵਾਲੇ ਸਥਾਨ ਦਾ ਜਾਇਜ਼ਾ ਲਿਆ। ਇਸ ਮੌਕੇ ਉਨ੍ਹਾਂ ਨਾਲ ਹਲਕਾ ਇੰਚਾਰਜ ਪ੍ਰਿੰ. ਪ੍ਰੇਮ ਕੁਮਾਰ ਵੀ ਮੌਜੂਦ ਸਨ।
ਉਨ੍ਹਾਂ ਮੌਕੇ 'ਤੇ ਪਿੰਡ ਵਾਸੀਆਂ ਨਾਲ ਗੱਲਬਾਤ ਕਰਦਿਆਂ ਉਨ੍ਹਾਂ ਨੂੰ ਭਰੋਸਾ ਦਿਵਾਇਆ ਕਿ ਬਾਬਾ ਸਾਹਿਬ ਦਾ ਸਨਮਾਨ ਹਰ ਹਾਲ ਵਿੱਚ ਬਹਾਲ ਰੱਖਿਆ ਜਾਵੇਗਾ ਅਤੇ ਬੁੱਤ ਦਾ ਅਪਮਾਨ ਕਰਨ ਵਾਲਿਆਂ ਨੂੰ ਸਖ਼ਤ ਜੇਲ੍ਹ ਦੀਆਂ ਸਲਾਖਾਂ ਪਿੱਛੇ ਭੇਜਿਆ ਜਾਵੇਗਾ। ਕਮਿਸ਼ਨ ਦੇ ਚੇਅਰਮੈਨ ਨੇ ਘਟਨਾ ਸਬੰਧੀ ਪ੍ਰਸ਼ਾਸਨਿਕ ਰਿਪੋਰਟ ਦਾ ਜਾਇਜ਼ਾ ਲੈਣ ਉਪਰੰਤ ਫਿਲੌਰ ਵਿਖੇ ਪ੍ਰਸ਼ਾਸਨਿਕ ਅਧਿਕਾਰੀਆਂ ਦੀ ਮੌਜੂਦਗੀ ਵਿੱਚ ਵੱਖ-ਵੱਖ ਜਥੇਬੰਦੀਆਂ ਦੇ ਨੁਮਾਇੰਦਿਆਂ ਨਾਲ ਮੀਟਿੰਗ ਕਰਦਿਆਂ ਕਿਹਾ ਕਿ ਕਿਸੇ ਨੂੰ ਵੀ ਸੂਬੇ ਦੀ ਸ਼ਾਂਤੀ ਅਤੇ ਭਾਈਚਾਰਕ ਸਾਂਝ ਨੂੰ ਭੰਗ ਕਰਨ ਦੀ ਇਜਾਜ਼ਤ ਨਹੀਂ ਦਿੱਤੀ
ਜਾਵੇਗੀ ਅਤੇ ਜਿਹੜੀਆਂ ਵੀ ਵਿਦੇਸ਼ੀ ਤਾਕਤਾਂ ਪੰਜਾਬ ਦਾ ਮਾਹੌਲ ਖ਼ਰਾਬ ਕਰਨ
ਦੀ ਕੋਸ਼ਿਸ਼ ਵਿੱਚ ਹਨ, ਉਨ੍ਹਾਂ ਦੇ ਮਨਸੂਬੇ ਕਦੇ ਕਾਮਯਾਬ ਨਹੀਂ ਹੋਣ ਦਿੱਤੇ ਜਾਣਗੇ।
ਚੇਅਰਮੈਨ ਨੇ ਕਿਹਾ ਕਿ ਬਾਬਾ ਸਾਹਿਬ ਦੇ ਨਵੇਂ ਨਿਰਮਾਣ ਦਾ ਕੰਮ ਪ੍ਰਸ਼ਾਸਨ ਦੀ ਨਿਗਰਾਨੀ ਹੇਠ ਹੋਣਾ ਚਾਹੀਦਾ ਹੈ। ਉਨ੍ਹਾਂ ਪਿੰਡ ਦੀ ਗ੍ਰਾਮ ਸਭਾ ਦੀ ਮੀਟਿੰਗ ਬੁਲਾਉਣ ਦੀ ਵੀ ਸਿਫ਼ਾਰਸ਼ ਕੀਤੀ ਤਾਂ ਜੋ ਇਕਜੁੱਟਤਾ ਨਾਲ ਫੈਸਲਾ ਲਿਆ ਜਾ ਸਕੇ। ਇਸ ਤੋਂ ਇਲਾਵਾ ਉਨ੍ਹਾਂ ਅਧਿਕਾਰੀਆਂ ਨੂੰ ਬੇਲੋੜੀ ਬਿਆਨਬਾਜ਼ੀ ਕਰਨ ਵਾਲੇ ਸ਼ਰਾਰਤੀ ਅਨਸਰਾਂ ਖ਼ਿਲਾਫ਼ ਕਾਰਵਾਈ ਕਰਨ ਲਈ ਵੀ ਕਿਹਾ। ਮੀਟਿੰਗ ਤੋਂ ਬਾਅਦ ਮੀਡੀਆ ਨਾਲ ਗੱਲਬਾਤ ਕਰਦਿਆਂ ਪੰਜਾਬ ਰਾਜ ਅਨੁਸੂਚਿਤ ਜਾਤੀਆਂ ਕਮਿਸ਼ਨ ਦੇ ਚੇਅਰਮੈਨ ਜਸਵੀਰ ਸਿੰਘ ਗੜ੍ਹੀ ਨੇ ਕਿਹਾ ਕਿ ਬਾਬਾ ਸਾਹਿਬ ਦੇ ਬੁੱਤ ਦਾ ਅਪਮਾਨ
ਕਰਨ ਵਾਲਿਆਂ ਨੂੰ ਬਖ਼ਸ਼ਿਆ ਨਹੀਂ ਜਾਵੇਗਾ ਅਤੇ ਦੋਸ਼ੀ ਜਲਦ ਹੀ ਕਾਨੂੰਨ ਦੀ ਗ੍ਰਿਫ਼ਤ ਵਿੱਚ ਹੋਣਗੇ। ਇਸ ਮੌਕੇ ਇਕ ਸਵਾਲ ਦੇ ਜਵਾਬ ਵਿੱਚ ਉਨ੍ਹਾਂ ਕਿਹਾ ਕਿ ਬੁੱਤਾਂ ਦੀ ਨਿਗਰਾਨੀ ਯਕੀਨੀ ਬਣਾਉਣ ਲਈ ਕਮੇਟੀਆਂ ਦਾ ਗਠਨ ਕੀਤਾ ਜਾਵੇਗਾ। ਇਸ ਤੋਂ ਇਲਾਵਾ ਉਨ੍ਹਾਂ ਕਿਹਾ ਕਿ ਪਹਿਲਾਂ ਸਮੱਸਿਆ ਦੀ ਪੜਤਾਲ ਲਈ ਸਬੰਧਿਤ ਪ੍ਰਸ਼ਾਸਨ ਨੂੰ ਸਿਫ਼ਾਰਸ਼ ਕੀਤੀ ਜਾਵੇਗੀ ਅਤੇ ਉਸ ਤੋਂ ਬਾਅਦ ਹੀ ਅਗਲੀ ਕਾਰਵਾਈ ਹੋਵੇਗੀ। ਇਸ ਮੌਕੇ ਐਸ.ਡੀ.ਐਮ. ਫਿਲੌਰ ਪਰਲੀਨ ਕੌਰ, ਡੀ.ਐਸ.ਪੀ. ਐਸ.ਐਸ. ਬੱਲ ਆਦਿ ਵੀ ਮੌਜੂਦ ਸਨ।
